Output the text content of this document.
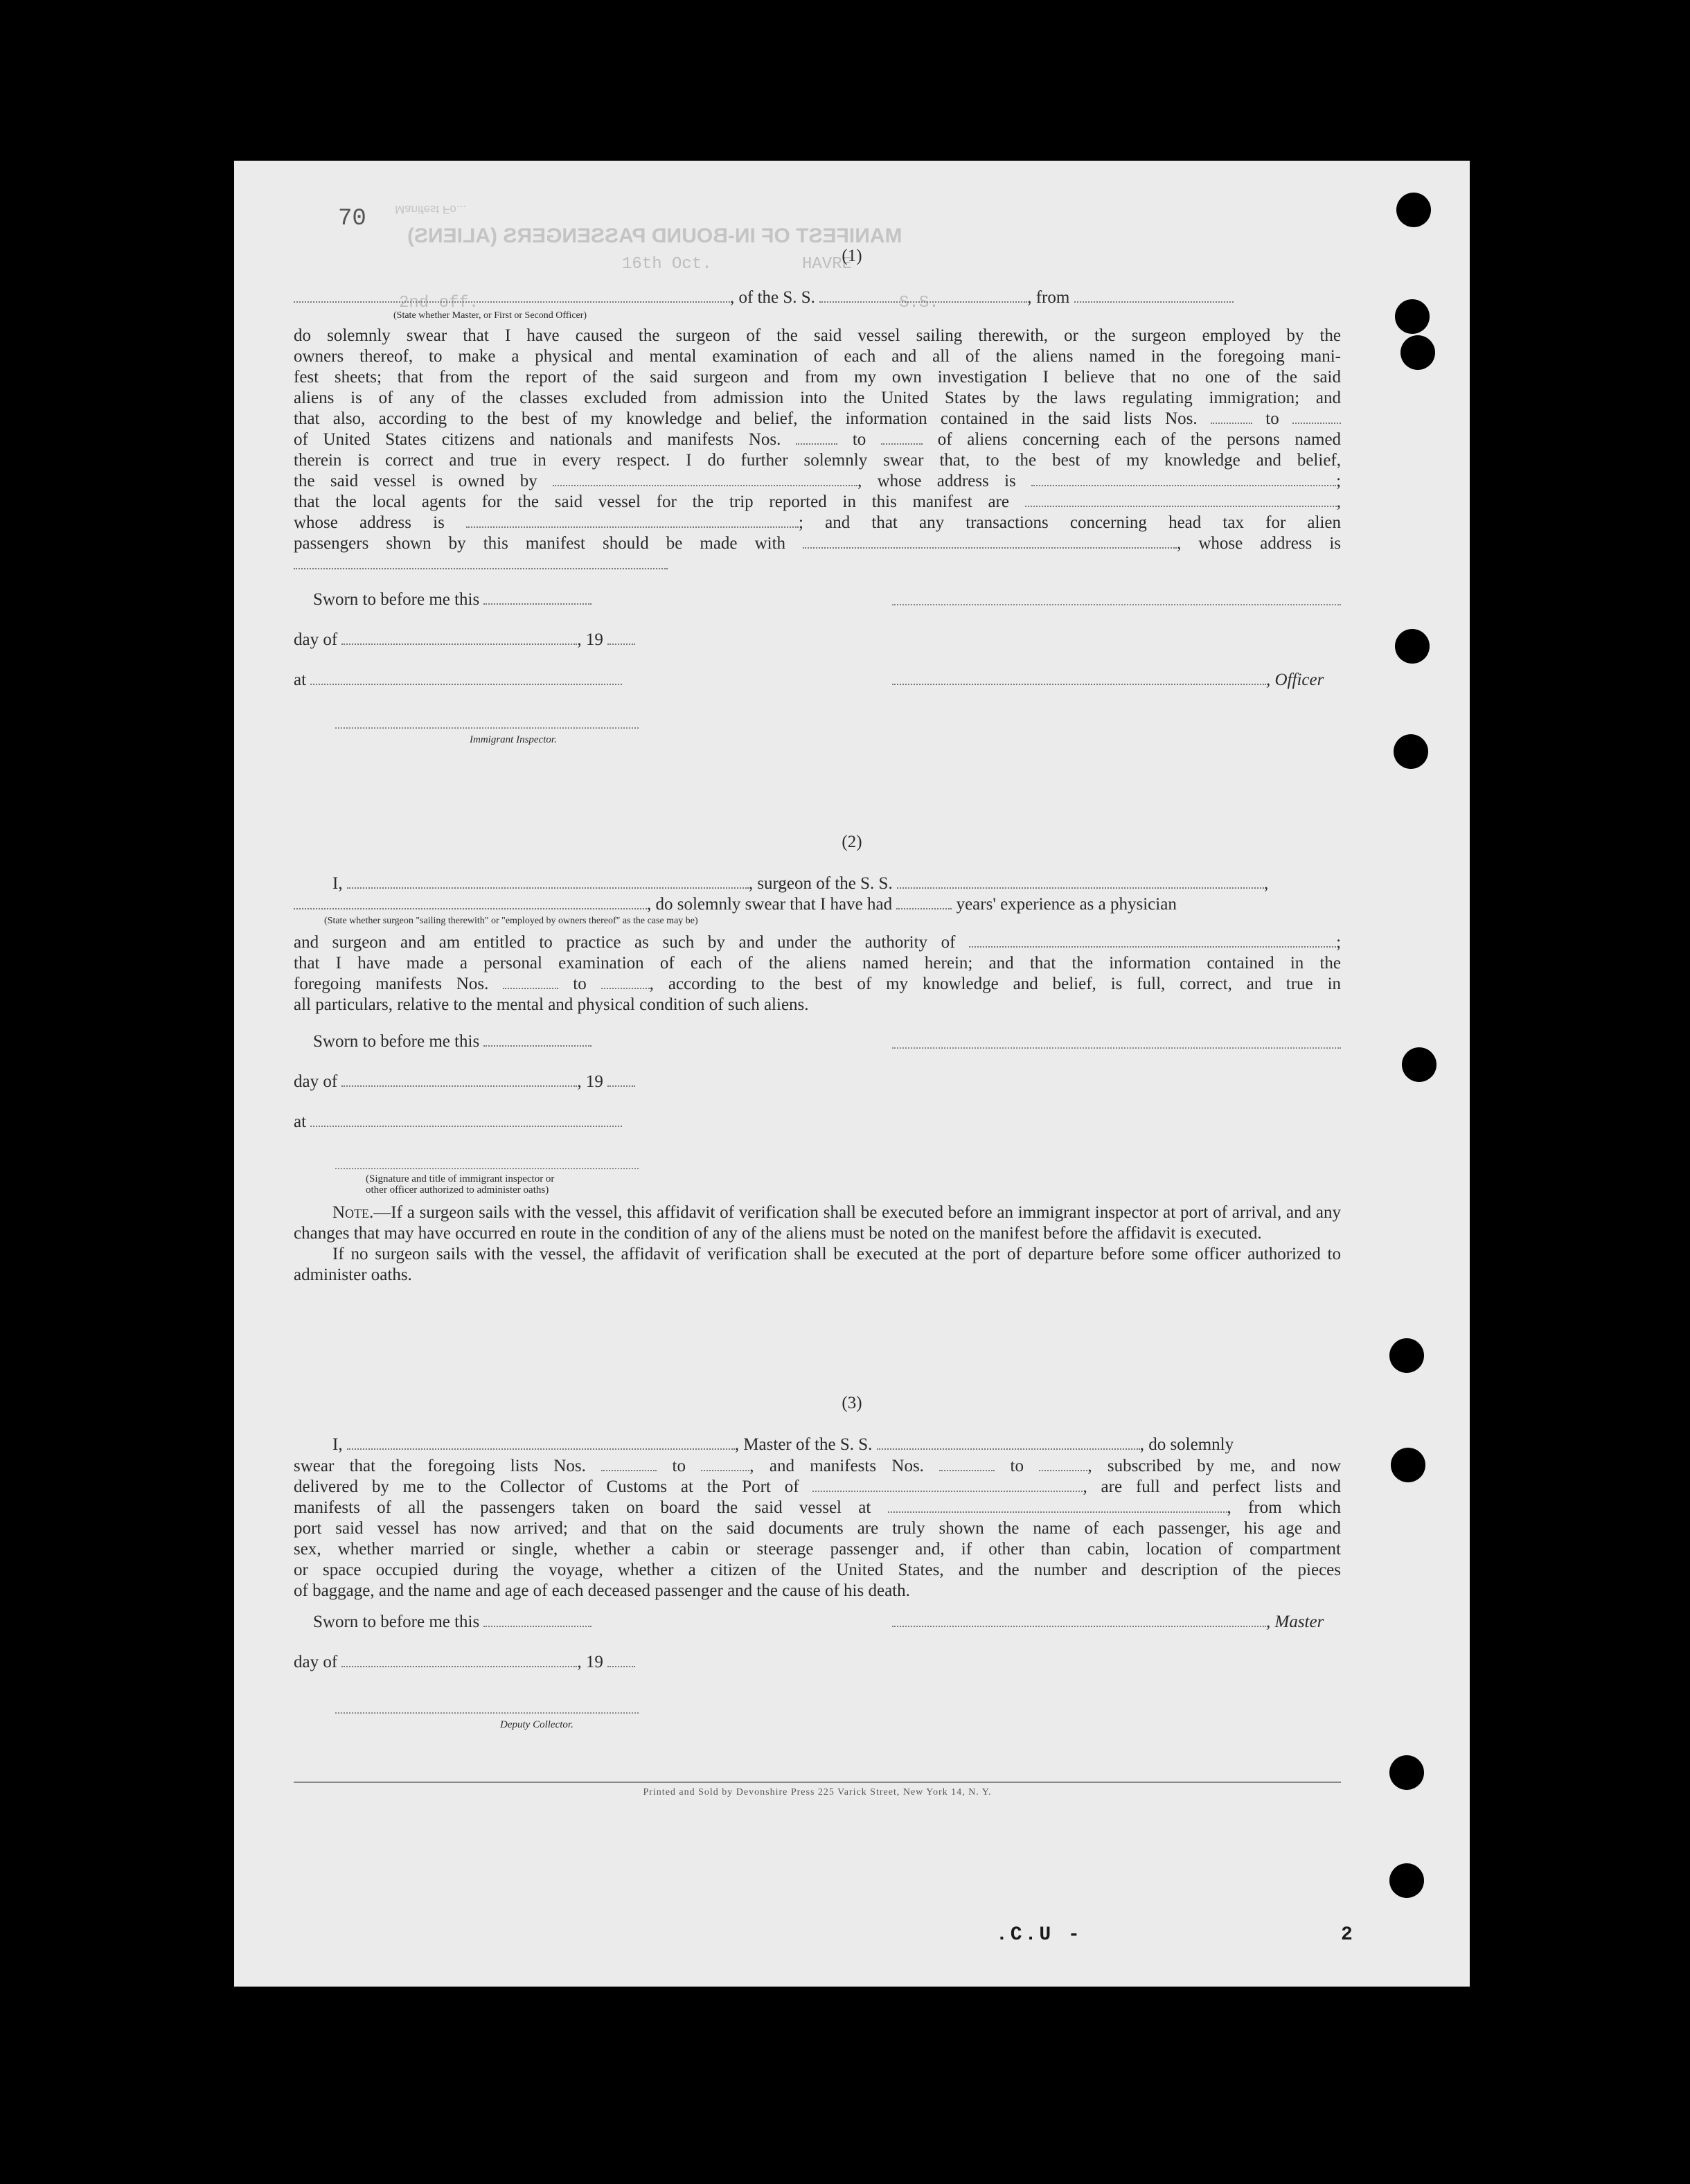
MANIFEST OF IN-BOUND PASSENGERS (ALIENS)
Manifest Fo...
70
16th Oct.	HAVRE
2nd off.	S.S.
(1)
, of the S. S.	, from
(State whether Master, or First or Second Officer)
do solemnly swear that I have caused the surgeon of the said vessel sailing therewith, or the surgeon employed by the
owners thereof, to make a physical and mental examination of each and all of the aliens named in the foregoing mani-
fest sheets; that from the report of the said surgeon and from my own investigation I believe that no one of the said
aliens is of any of the classes excluded from admission into the United States by the laws regulating immigration; and
that also, according to the best of my knowledge and belief, the information contained in the said lists Nos.	to
of United States citizens and nationals and manifests Nos.	to	of aliens concerning each of the persons named
therein is correct and true in every respect. I do further solemnly swear that, to the best of my knowledge and belief,
the said vessel is owned by	, whose address is	;
that the local agents for the said vessel for the trip reported in this manifest are	,
whose address is	; and that any transactions concerning head tax for alien
passengers shown by this manifest should be made with	, whose address is
Sworn to before me this
day of	, 19
at	, Officer
Immigrant Inspector.
(2)
I,	, surgeon of the S. S.	,
, do solemnly swear that I have had	years' experience as a physician
(State whether surgeon "sailing therewith" or "employed by owners thereof" as the case may be)
and surgeon and am entitled to practice as such by and under the authority of	;
that I have made a personal examination of each of the aliens named herein; and that the information contained in the
foregoing manifests Nos.	to	, according to the best of my knowledge and belief, is full, correct, and true in
all particulars, relative to the mental and physical condition of such aliens.
Sworn to before me this
day of	, 19
at
(Signature and title of immigrant inspector or
other officer authorized to administer oaths)
Note.—If a surgeon sails with the vessel, this affidavit of verification shall be executed before an immigrant inspector at port of arrival, and any changes that may have occurred en route in the condition of any of the aliens must be noted on the manifest before the affidavit is executed.
If no surgeon sails with the vessel, the affidavit of verification shall be executed at the port of departure before some officer authorized to administer oaths.
(3)
I,	, Master of the S. S.	, do solemnly
swear that the foregoing lists Nos.	to	, and manifests Nos.	to	, subscribed by me, and now
delivered by me to the Collector of Customs at the Port of	, are full and perfect lists and
manifests of all the passengers taken on board the said vessel at	, from which
port said vessel has now arrived; and that on the said documents are truly shown the name of each passenger, his age and
sex, whether married or single, whether a cabin or steerage passenger and, if other than cabin, location of compartment
or space occupied during the voyage, whether a citizen of the United States, and the number and description of the pieces
of baggage, and the name and age of each deceased passenger and the cause of his death.
Sworn to before me this	, Master
day of	, 19
Deputy Collector.
Printed and Sold by Devonshire Press 225 Varick Street, New York 14, N. Y.
.C.U -	2
